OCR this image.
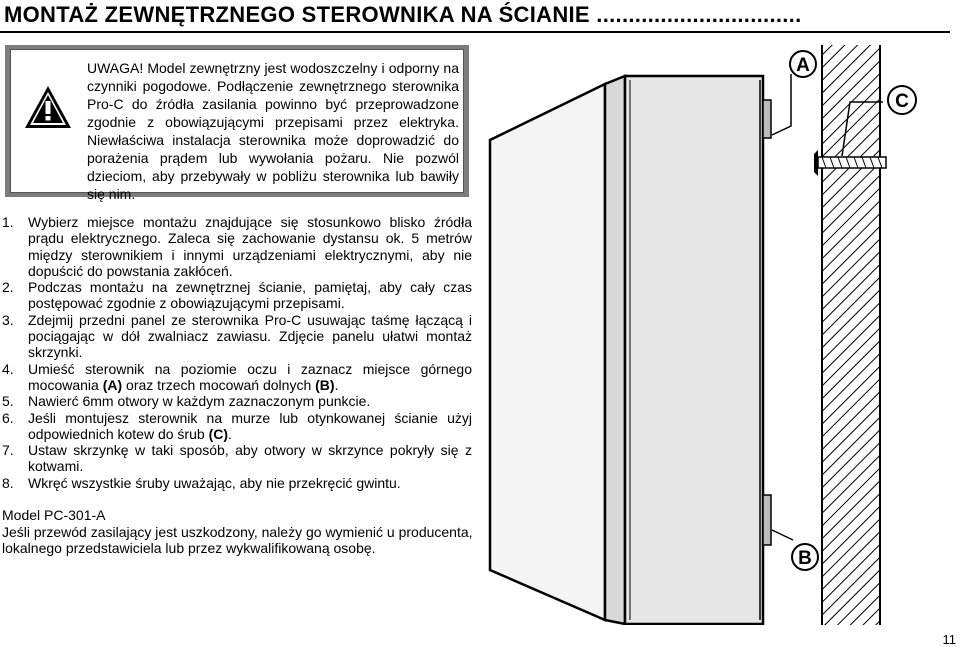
MONTAŻ ZEWNĘTRZNEGO STEROWNIKA NA ŚCIANIE ................................
UWAGA! Model zewnętrzny jest wodoszczelny i odporny na czynniki pogodowe. Podłączenie zewnętrznego sterownika Pro-C do źródła zasilania powinno być przeprowadzone zgodnie z obowiązującymi przepisami przez elektryka. Niewłaściwa instalacja sterownika może doprowadzić do porażenia prądem lub wywołania pożaru. Nie pozwól dzieciom, aby przebywały w pobliżu sterownika lub bawiły się nim.
1.	Wybierz miejsce montażu znajdujące się stosunkowo blisko źródła prądu elektrycznego. Zaleca się zachowanie dystansu ok. 5 metrów między sterownikiem i innymi urządzeniami elektrycznymi, aby nie dopuścić do powstania zakłóceń.
2.	Podczas montażu na zewnętrznej ścianie, pamiętaj, aby cały czas postępować zgodnie z obowiązującymi przepisami.
3.	Zdejmij przedni panel ze sterownika Pro-C usuwając taśmę łączącą i pociągając w dół zwalniacz zawiasu. Zdjęcie panelu ułatwi montaż skrzynki.
4.	Umieść sterownik na poziomie oczu i zaznacz miejsce górnego mocowania (A) oraz trzech mocowań dolnych (B).
5.	Nawierć 6mm otwory w każdym zaznaczonym punkcie.
6.	Jeśli montujesz sterownik na murze lub otynkowanej ścianie użyj odpowiednich kotew do śrub (C).
7.	Ustaw skrzynkę w taki sposób, aby otwory w skrzynce pokryły się z kotwami.
8.	Wkręć wszystkie śruby uważając, aby nie przekręcić gwintu.
Model PC-301-A
Jeśli przewód zasilający jest uszkodzony, należy go wymienić u producenta, lokalnego przedstawiciela lub przez wykwalifikowaną osobę.
A
C
B
11
